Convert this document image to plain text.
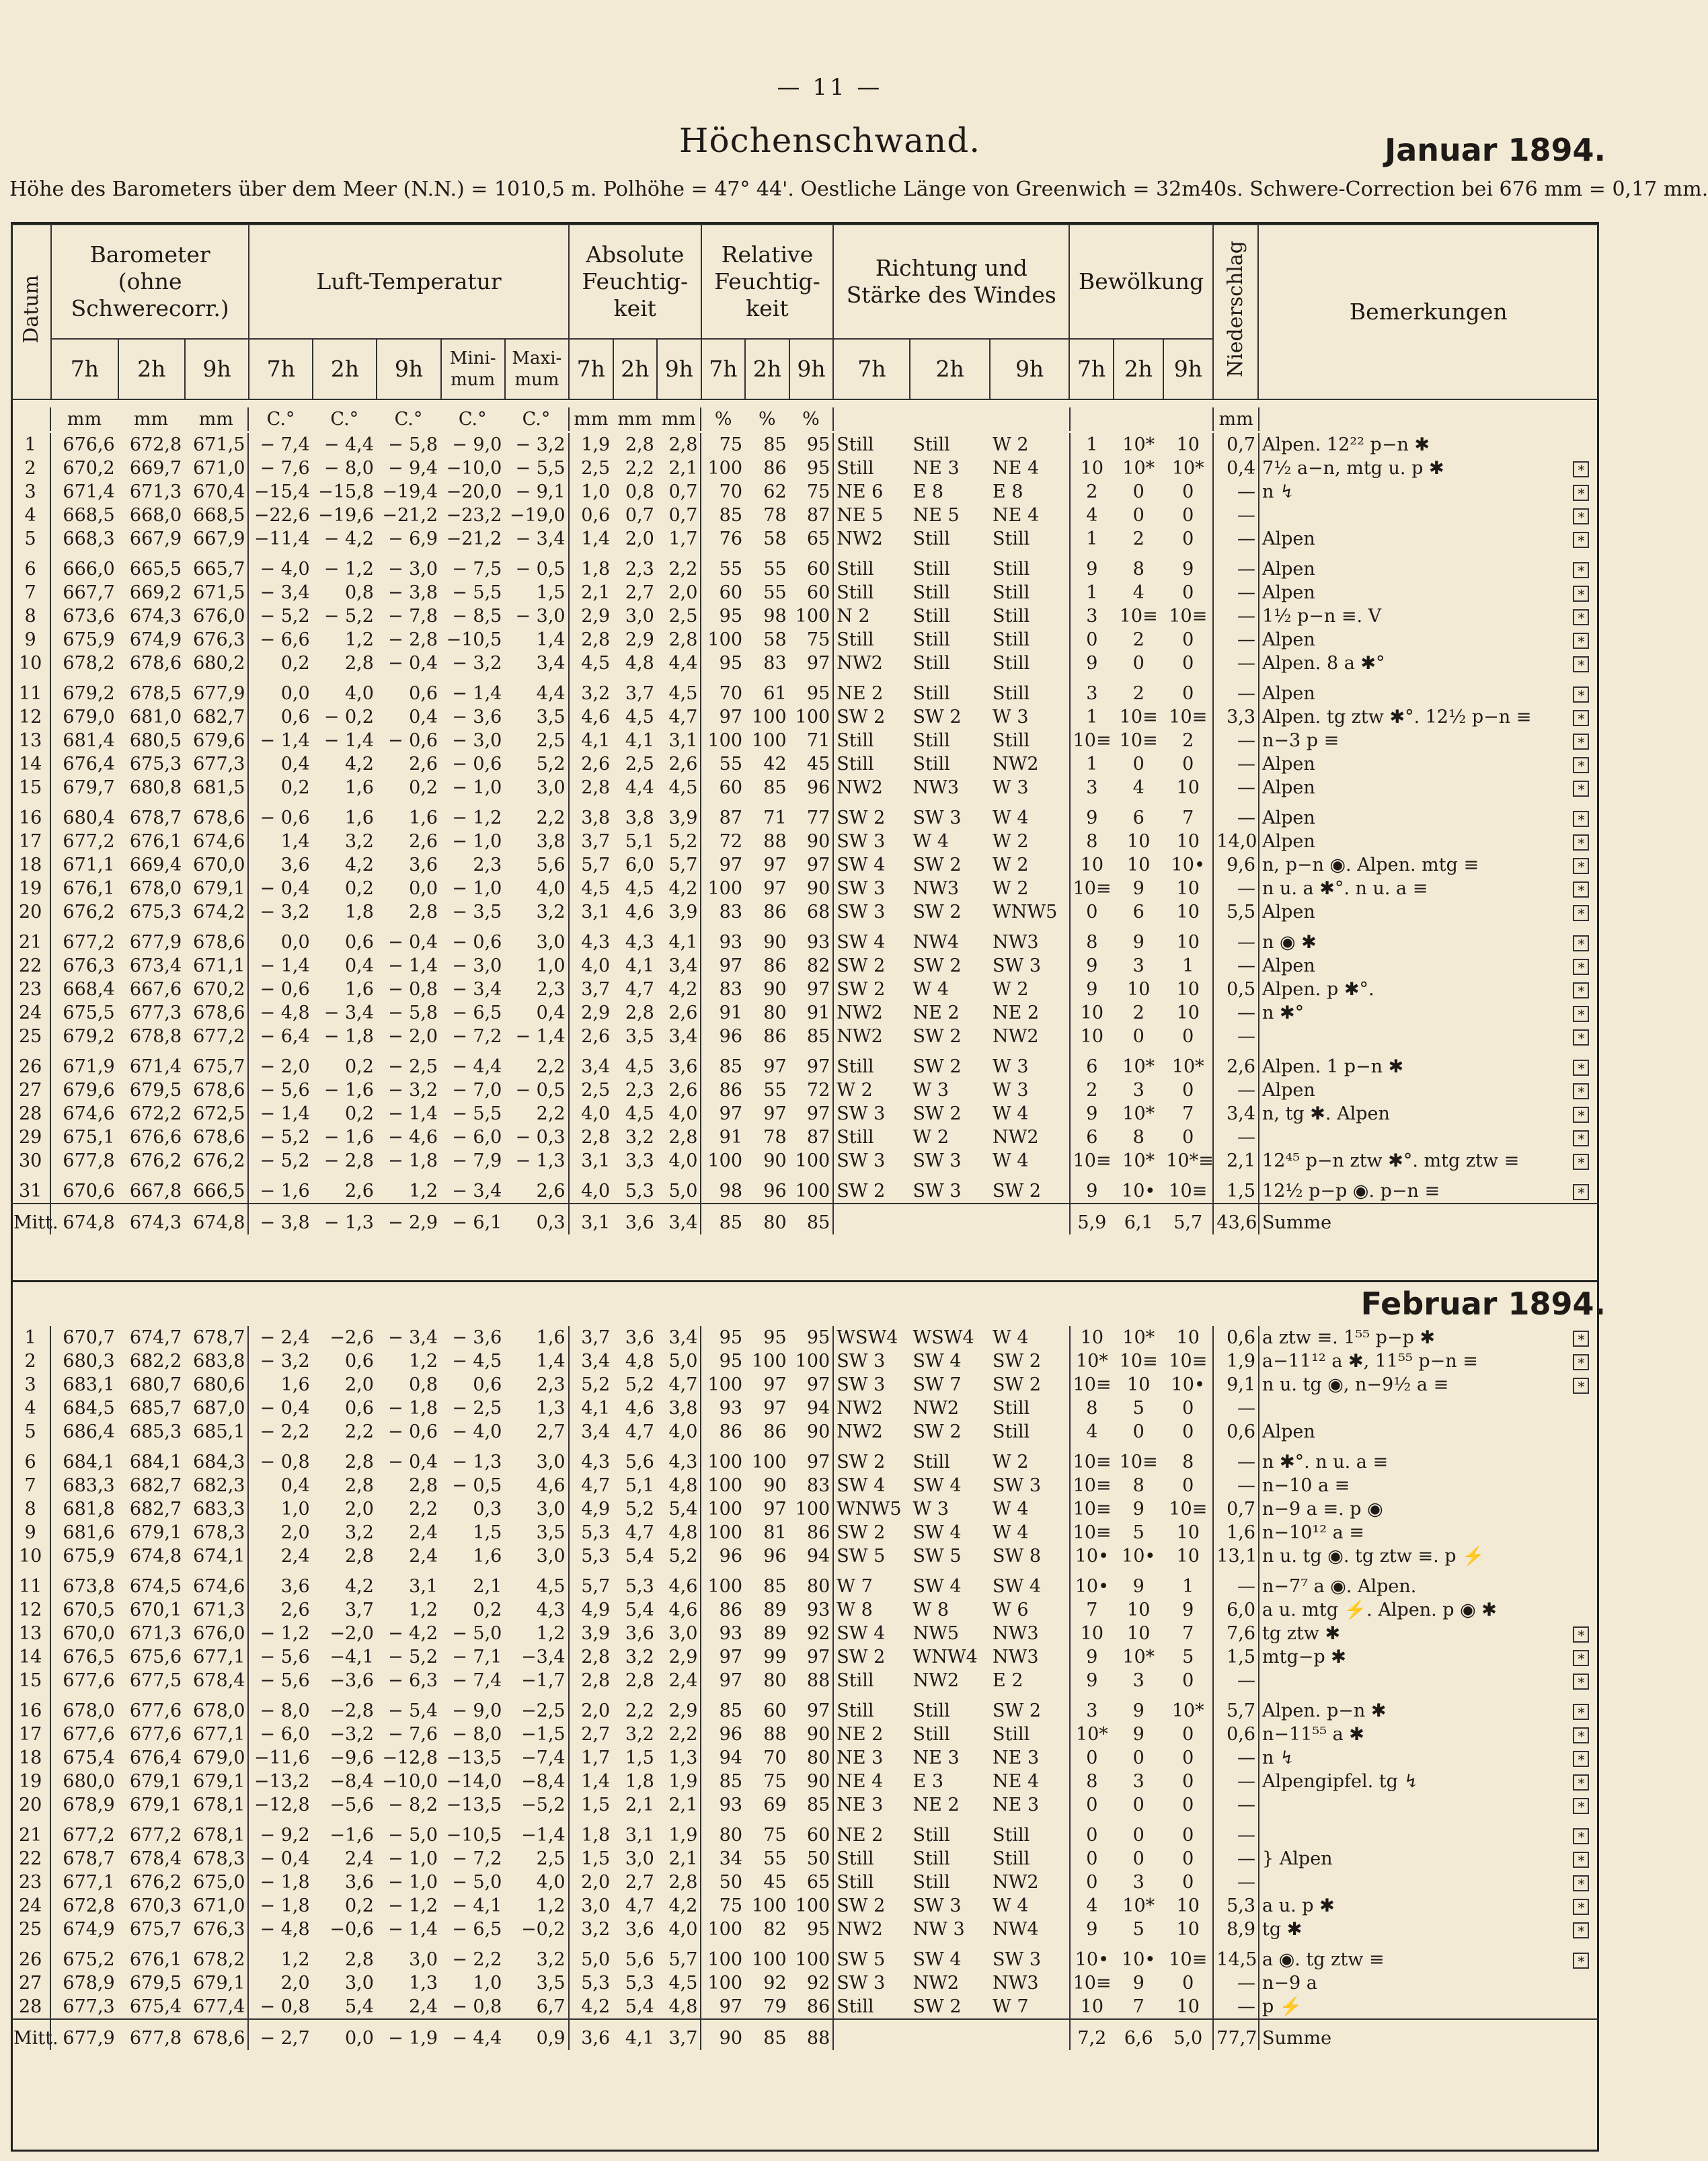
— 11 —
Höchenschwand.	Januar 1894.
Höhe des Barometers über dem Meer (N.N.) = 1010,5 m. Polhöhe = 47° 44'. Oestliche Länge von Greenwich = 32m40s. Schwere-Correction bei 676 mm = 0,17 mm.
Datum	Barometer (ohne Schwerecorr.)			Luft-Temperatur					Absolute Feuchtig-keit			Relative Feuchtig-keit			Richtung und Stärke des Windes			Bewölkung			Niederschlag	Bemerkungen
	7h	2h	9h	7h	2h	9h	Mini-mum	Maxi-mum	7h	2h	9h	7h	2h	9h	7h	2h	9h	7h	2h	9h		
	mm	mm	mm	C.°	C.°	C.°	C.°	C.°	mm	mm	mm	%	%	%							mm		
1	676,6	672,8	671,5	− 7,4	− 4,4	− 5,8	− 9,0	− 3,2	1,9	2,8	2,8	75	85	95	Still	Still	W 2	1	10*	10	0,7	Alpen. 12²² p−n ✱	
2	670,2	669,7	671,0	− 7,6	− 8,0	− 9,4	−10,0	− 5,5	2,5	2,2	2,1	100	86	95	Still	NE 3	NE 4	10	10*	10*	0,4	7½ a−n, mtg u. p ✱	*
3	671,4	671,3	670,4	−15,4	−15,8	−19,4	−20,0	− 9,1	1,0	0,8	0,7	70	62	75	NE 6	E 8	E 8	2	0	0	—	n ↯	*
4	668,5	668,0	668,5	−22,6	−19,6	−21,2	−23,2	−19,0	0,6	0,7	0,7	85	78	87	NE 5	NE 5	NE 4	4	0	0	—		*
5	668,3	667,9	667,9	−11,4	− 4,2	− 6,9	−21,2	− 3,4	1,4	2,0	1,7	76	58	65	NW2	Still	Still	1	2	0	—	Alpen	*
6	666,0	665,5	665,7	− 4,0	− 1,2	− 3,0	− 7,5	− 0,5	1,8	2,3	2,2	55	55	60	Still	Still	Still	9	8	9	—	Alpen	*
7	667,7	669,2	671,5	− 3,4	0,8	− 3,8	− 5,5	1,5	2,1	2,7	2,0	60	55	60	Still	Still	Still	1	4	0	—	Alpen	*
8	673,6	674,3	676,0	− 5,2	− 5,2	− 7,8	− 8,5	− 3,0	2,9	3,0	2,5	95	98	100	N 2	Still	Still	3	10≡	10≡	—	1½ p−n ≡. V	*
9	675,9	674,9	676,3	− 6,6	1,2	− 2,8	−10,5	1,4	2,8	2,9	2,8	100	58	75	Still	Still	Still	0	2	0	—	Alpen	*
10	678,2	678,6	680,2	0,2	2,8	− 0,4	− 3,2	3,4	4,5	4,8	4,4	95	83	97	NW2	Still	Still	9	0	0	—	Alpen. 8 a ✱°	*
11	679,2	678,5	677,9	0,0	4,0	0,6	− 1,4	4,4	3,2	3,7	4,5	70	61	95	NE 2	Still	Still	3	2	0	—	Alpen	*
12	679,0	681,0	682,7	0,6	− 0,2	0,4	− 3,6	3,5	4,6	4,5	4,7	97	100	100	SW 2	SW 2	W 3	1	10≡	10≡	3,3	Alpen. tg ztw ✱°. 12½ p−n ≡	*
13	681,4	680,5	679,6	− 1,4	− 1,4	− 0,6	− 3,0	2,5	4,1	4,1	3,1	100	100	71	Still	Still	Still	10≡	10≡	2	—	n−3 p ≡	*
14	676,4	675,3	677,3	0,4	4,2	2,6	− 0,6	5,2	2,6	2,5	2,6	55	42	45	Still	Still	NW2	1	0	0	—	Alpen	*
15	679,7	680,8	681,5	0,2	1,6	0,2	− 1,0	3,0	2,8	4,4	4,5	60	85	96	NW2	NW3	W 3	3	4	10	—	Alpen	*
16	680,4	678,7	678,6	− 0,6	1,6	1,6	− 1,2	2,2	3,8	3,8	3,9	87	71	77	SW 2	SW 3	W 4	9	6	7	—	Alpen	*
17	677,2	676,1	674,6	1,4	3,2	2,6	− 1,0	3,8	3,7	5,1	5,2	72	88	90	SW 3	W 4	W 2	8	10	10	14,0	Alpen	*
18	671,1	669,4	670,0	3,6	4,2	3,6	2,3	5,6	5,7	6,0	5,7	97	97	97	SW 4	SW 2	W 2	10	10	10•	9,6	n, p−n ◉. Alpen. mtg ≡	*
19	676,1	678,0	679,1	− 0,4	0,2	0,0	− 1,0	4,0	4,5	4,5	4,2	100	97	90	SW 3	NW3	W 2	10≡	9	10	—	n u. a ✱°. n u. a ≡	*
20	676,2	675,3	674,2	− 3,2	1,8	2,8	− 3,5	3,2	3,1	4,6	3,9	83	86	68	SW 3	SW 2	WNW5	0	6	10	5,5	Alpen	*
21	677,2	677,9	678,6	0,0	0,6	− 0,4	− 0,6	3,0	4,3	4,3	4,1	93	90	93	SW 4	NW4	NW3	8	9	10	—	n ◉ ✱	*
22	676,3	673,4	671,1	− 1,4	0,4	− 1,4	− 3,0	1,0	4,0	4,1	3,4	97	86	82	SW 2	SW 2	SW 3	9	3	1	—	Alpen	*
23	668,4	667,6	670,2	− 0,6	1,6	− 0,8	− 3,4	2,3	3,7	4,7	4,2	83	90	97	SW 2	W 4	W 2	9	10	10	0,5	Alpen. p ✱°.	*
24	675,5	677,3	678,6	− 4,8	− 3,4	− 5,8	− 6,5	0,4	2,9	2,8	2,6	91	80	91	NW2	NE 2	NE 2	10	2	10	—	n ✱°	*
25	679,2	678,8	677,2	− 6,4	− 1,8	− 2,0	− 7,2	− 1,4	2,6	3,5	3,4	96	86	85	NW2	SW 2	NW2	10	0	0	—		*
26	671,9	671,4	675,7	− 2,0	0,2	− 2,5	− 4,4	2,2	3,4	4,5	3,6	85	97	97	Still	SW 2	W 3	6	10*	10*	2,6	Alpen. 1 p−n ✱	*
27	679,6	679,5	678,6	− 5,6	− 1,6	− 3,2	− 7,0	− 0,5	2,5	2,3	2,6	86	55	72	W 2	W 3	W 3	2	3	0	—	Alpen	*
28	674,6	672,2	672,5	− 1,4	0,2	− 1,4	− 5,5	2,2	4,0	4,5	4,0	97	97	97	SW 3	SW 2	W 4	9	10*	7	3,4	n, tg ✱. Alpen	*
29	675,1	676,6	678,6	− 5,2	− 1,6	− 4,6	− 6,0	− 0,3	2,8	3,2	2,8	91	78	87	Still	W 2	NW2	6	8	0	—		*
30	677,8	676,2	676,2	− 5,2	− 2,8	− 1,8	− 7,9	− 1,3	3,1	3,3	4,0	100	90	100	SW 3	SW 3	W 4	10≡	10*	10*≡	2,1	12⁴⁵ p−n ztw ✱°. mtg ztw ≡	*
31	670,6	667,8	666,5	− 1,6	2,6	1,2	− 3,4	2,6	4,0	5,3	5,0	98	96	100	SW 2	SW 3	SW 2	9	10•	10≡	1,5	12½ p−p ◉. p−n ≡	*
Mitt.	674,8	674,3	674,8	− 3,8	− 1,3	− 2,9	− 6,1	0,3	3,1	3,6	3,4	85	80	85				5,9	6,1	5,7	43,6	Summe	
Februar 1894.
1	670,7	674,7	678,7	− 2,4	−2,6	− 3,4	− 3,6	1,6	3,7	3,6	3,4	95	95	95	WSW4	WSW4	W 4	10	10*	10	0,6	a ztw ≡. 1⁵⁵ p−p ✱	*
2	680,3	682,2	683,8	− 3,2	0,6	1,2	− 4,5	1,4	3,4	4,8	5,0	95	100	100	SW 3	SW 4	SW 2	10*	10≡	10≡	1,9	a−11¹² a ✱, 11⁵⁵ p−n ≡	*
3	683,1	680,7	680,6	1,6	2,0	0,8	0,6	2,3	5,2	5,2	4,7	100	97	97	SW 3	SW 7	SW 2	10≡	10	10•	9,1	n u. tg ◉, n−9½ a ≡	*
4	684,5	685,7	687,0	− 0,4	0,6	− 1,8	− 2,5	1,3	4,1	4,6	3,8	93	97	94	NW2	NW2	Still	8	5	0	—		
5	686,4	685,3	685,1	− 2,2	2,2	− 0,6	− 4,0	2,7	3,4	4,7	4,0	86	86	90	NW2	SW 2	Still	4	0	0	0,6	Alpen	
6	684,1	684,1	684,3	− 0,8	2,8	− 0,4	− 1,3	3,0	4,3	5,6	4,3	100	100	97	SW 2	Still	W 2	10≡	10≡	8	—	n ✱°. n u. a ≡	
7	683,3	682,7	682,3	0,4	2,8	2,8	− 0,5	4,6	4,7	5,1	4,8	100	90	83	SW 4	SW 4	SW 3	10≡	8	0	—	n−10 a ≡	
8	681,8	682,7	683,3	1,0	2,0	2,2	0,3	3,0	4,9	5,2	5,4	100	97	100	WNW5	W 3	W 4	10≡	9	10≡	0,7	n−9 a ≡. p ◉	
9	681,6	679,1	678,3	2,0	3,2	2,4	1,5	3,5	5,3	4,7	4,8	100	81	86	SW 2	SW 4	W 4	10≡	5	10	1,6	n−10¹² a ≡	
10	675,9	674,8	674,1	2,4	2,8	2,4	1,6	3,0	5,3	5,4	5,2	96	96	94	SW 5	SW 5	SW 8	10•	10•	10	13,1	n u. tg ◉. tg ztw ≡. p ⚡	
11	673,8	674,5	674,6	3,6	4,2	3,1	2,1	4,5	5,7	5,3	4,6	100	85	80	W 7	SW 4	SW 4	10•	9	1	—	n−7⁷ a ◉. Alpen.	
12	670,5	670,1	671,3	2,6	3,7	1,2	0,2	4,3	4,9	5,4	4,6	86	89	93	W 8	W 8	W 6	7	10	9	6,0	a u. mtg ⚡. Alpen. p ◉ ✱	
13	670,0	671,3	676,0	− 1,2	−2,0	− 4,2	− 5,0	1,2	3,9	3,6	3,0	93	89	92	SW 4	NW5	NW3	10	10	7	7,6	tg ztw ✱	*
14	676,5	675,6	677,1	− 5,6	−4,1	− 5,2	− 7,1	−3,4	2,8	3,2	2,9	97	99	97	SW 2	WNW4	NW3	9	10*	5	1,5	mtg−p ✱	*
15	677,6	677,5	678,4	− 5,6	−3,6	− 6,3	− 7,4	−1,7	2,8	2,8	2,4	97	80	88	Still	NW2	E 2	9	3	0	—		*
16	678,0	677,6	678,0	− 8,0	−2,8	− 5,4	− 9,0	−2,5	2,0	2,2	2,9	85	60	97	Still	Still	SW 2	3	9	10*	5,7	Alpen. p−n ✱	*
17	677,6	677,6	677,1	− 6,0	−3,2	− 7,6	− 8,0	−1,5	2,7	3,2	2,2	96	88	90	NE 2	Still	Still	10*	9	0	0,6	n−11⁵⁵ a ✱	*
18	675,4	676,4	679,0	−11,6	−9,6	−12,8	−13,5	−7,4	1,7	1,5	1,3	94	70	80	NE 3	NE 3	NE 3	0	0	0	—	n ↯	*
19	680,0	679,1	679,1	−13,2	−8,4	−10,0	−14,0	−8,4	1,4	1,8	1,9	85	75	90	NE 4	E 3	NE 4	8	3	0	—	Alpengipfel. tg ↯	*
20	678,9	679,1	678,1	−12,8	−5,6	− 8,2	−13,5	−5,2	1,5	2,1	2,1	93	69	85	NE 3	NE 2	NE 3	0	0	0	—		*
21	677,2	677,2	678,1	− 9,2	−1,6	− 5,0	−10,5	−1,4	1,8	3,1	1,9	80	75	60	NE 2	Still	Still	0	0	0	—		*
22	678,7	678,4	678,3	− 0,4	2,4	− 1,0	− 7,2	2,5	1,5	3,0	2,1	34	55	50	Still	Still	Still	0	0	0	—	} Alpen	*
23	677,1	676,2	675,0	− 1,8	3,6	− 1,0	− 5,0	4,0	2,0	2,7	2,8	50	45	65	Still	Still	NW2	0	3	0	—		*
24	672,8	670,3	671,0	− 1,8	0,2	− 1,2	− 4,1	1,2	3,0	4,7	4,2	75	100	100	SW 2	SW 3	W 4	4	10*	10	5,3	a u. p ✱	*
25	674,9	675,7	676,3	− 4,8	−0,6	− 1,4	− 6,5	−0,2	3,2	3,6	4,0	100	82	95	NW2	NW 3	NW4	9	5	10	8,9	tg ✱	*
26	675,2	676,1	678,2	1,2	2,8	3,0	− 2,2	3,2	5,0	5,6	5,7	100	100	100	SW 5	SW 4	SW 3	10•	10•	10≡	14,5	a ◉. tg ztw ≡	*
27	678,9	679,5	679,1	2,0	3,0	1,3	1,0	3,5	5,3	5,3	4,5	100	92	92	SW 3	NW2	NW3	10≡	9	0	—	n−9 a	
28	677,3	675,4	677,4	− 0,8	5,4	2,4	− 0,8	6,7	4,2	5,4	4,8	97	79	86	Still	SW 2	W 7	10	7	10	—	p ⚡	
Mitt.	677,9	677,8	678,6	− 2,7	0,0	− 1,9	− 4,4	0,9	3,6	4,1	3,7	90	85	88				7,2	6,6	5,0	77,7	Summe	
